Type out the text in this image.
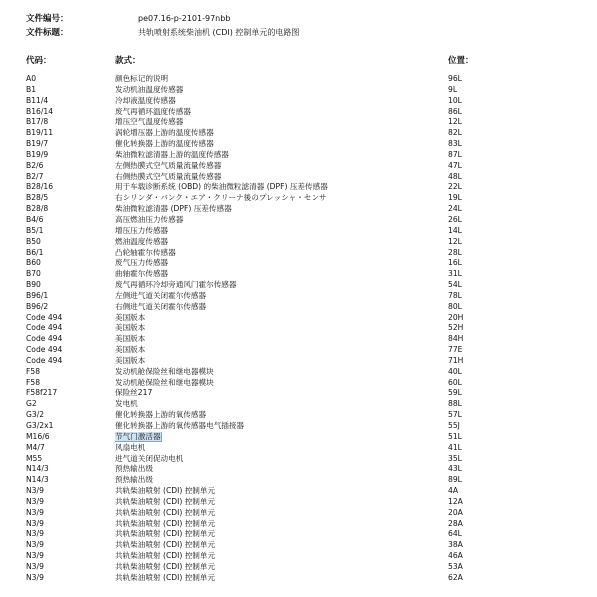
文件编号：	pe07.16-p-2101-97nbb
文件标题：	共轨喷射系统柴油机 (CDI) 控制单元的电路图
代码：	款式：	位置：
A0	颜色标记的说明	96L
B1	发动机油温度传感器	9L
B11/4	冷却液温度传感器	10L
B16/14	废气再循环温度传感器	86L
B17/8	增压空气温度传感器	12L
B19/11	涡轮增压器上游的温度传感器	82L
B19/7	催化转换器上游的温度传感器	83L
B19/9	柴油微粒滤清器上游的温度传感器	87L
B2/6	左侧热膜式空气质量流量传感器	47L
B2/7	右侧热膜式空气质量流量传感器	48L
B28/16	用于车载诊断系统 (OBD) 的柴油微粒滤清器 (DPF) 压差传感器	22L
B28/5	右シリンダ・バンク・エア・クリーナ後のプレッシャ・センサ	19L
B28/8	柴油微粒滤清器 (DPF) 压差传感器	24L
B4/6	高压燃油压力传感器	26L
B5/1	增压压力传感器	14L
B50	燃油温度传感器	12L
B6/1	凸轮轴霍尔传感器	28L
B60	废气压力传感器	16L
B70	曲轴霍尔传感器	31L
B90	废气再循环冷却旁通风门霍尔传感器	54L
B96/1	左侧进气道关闭霍尔传感器	78L
B96/2	右侧进气道关闭霍尔传感器	80L
Code 494	美国版本	20H
Code 494	美国版本	52H
Code 494	美国版本	84H
Code 494	美国版本	77E
Code 494	美国版本	71H
F58	发动机舱保险丝和继电器模块	40L
F58	发动机舱保险丝和继电器模块	60L
F58f217	保险丝217	59L
G2	发电机	88L
G3/2	催化转换器上游的氧传感器	57L
G3/2x1	催化转换器上游的氧传感器电气插接器	55J
M16/6	节气门激活器	51L
M4/7	风扇电机	41L
M55	进气道关闭促动电机	35L
N14/3	预热输出级	43L
N14/3	预热输出级	89L
N3/9	共轨柴油喷射 (CDI) 控制单元	4A
N3/9	共轨柴油喷射 (CDI) 控制单元	12A
N3/9	共轨柴油喷射 (CDI) 控制单元	20A
N3/9	共轨柴油喷射 (CDI) 控制单元	28A
N3/9	共轨柴油喷射 (CDI) 控制单元	64L
N3/9	共轨柴油喷射 (CDI) 控制单元	38A
N3/9	共轨柴油喷射 (CDI) 控制单元	46A
N3/9	共轨柴油喷射 (CDI) 控制单元	53A
N3/9	共轨柴油喷射 (CDI) 控制单元	62A
